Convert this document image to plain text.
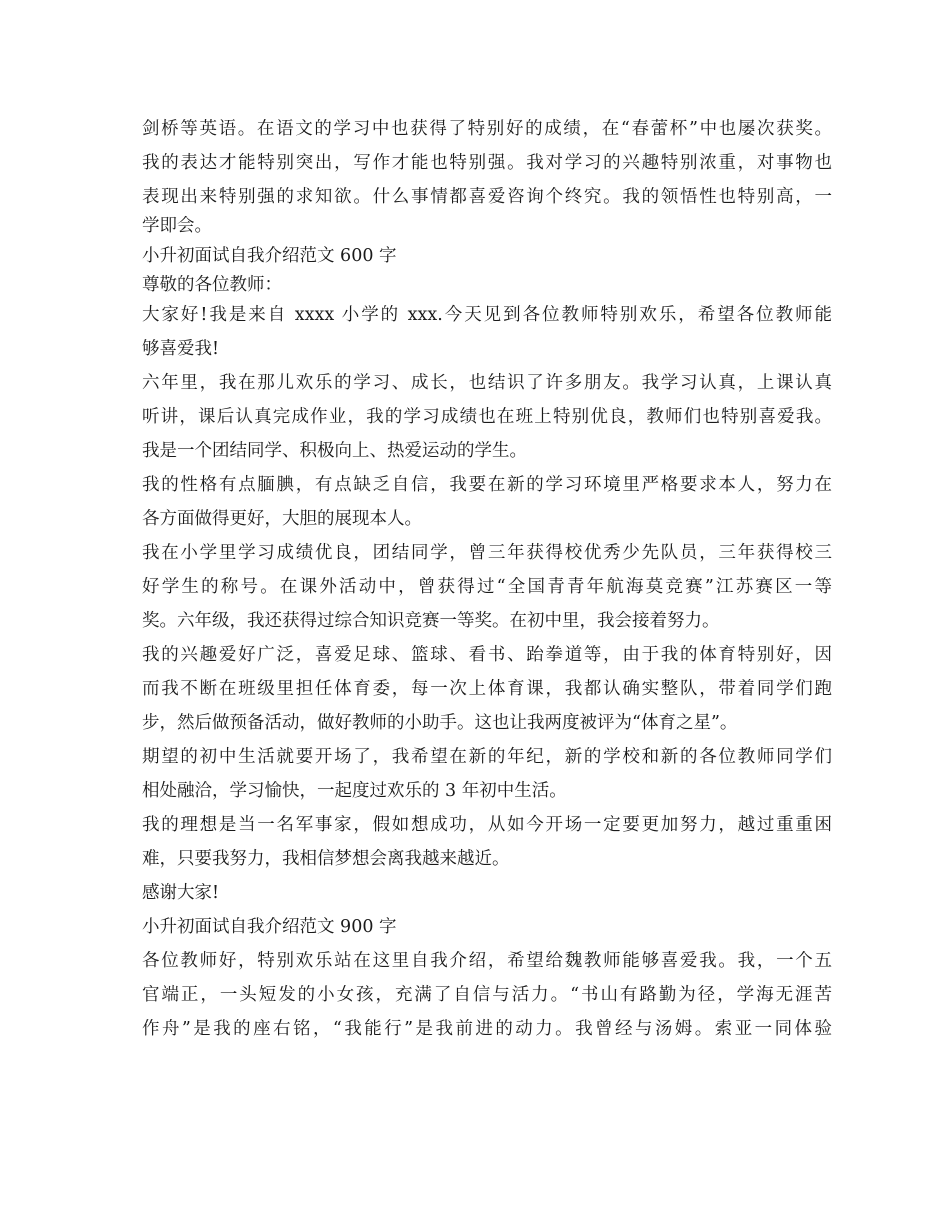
剑桥等英语。在语文的学习中也获得了特别好的成绩，在“春蕾杯”中也屡次获奖。
我的表达才能特别突出，写作才能也特别强。我对学习的兴趣特别浓重，对事物也
表现出来特别强的求知欲。什么事情都喜爱咨询个终究。我的领悟性也特别高，一
学即会。
小升初面试自我介绍范文 600 字
尊敬的各位教师：
大家好!我是来自 xxxx 小学的 xxx.今天见到各位教师特别欢乐，希望各位教师能
够喜爱我!
六年里，我在那儿欢乐的学习、成长，也结识了许多朋友。我学习认真，上课认真
听讲，课后认真完成作业，我的学习成绩也在班上特别优良，教师们也特别喜爱我。
我是一个团结同学、积极向上、热爱运动的学生。
我的性格有点腼腆，有点缺乏自信，我要在新的学习环境里严格要求本人，努力在
各方面做得更好，大胆的展现本人。
我在小学里学习成绩优良，团结同学，曾三年获得校优秀少先队员，三年获得校三
好学生的称号。在课外活动中，曾获得过“全国青青年航海莫竞赛”江苏赛区一等
奖。六年级，我还获得过综合知识竞赛一等奖。在初中里，我会接着努力。
我的兴趣爱好广泛，喜爱足球、篮球、看书、跆拳道等，由于我的体育特别好，因
而我不断在班级里担任体育委，每一次上体育课，我都认确实整队，带着同学们跑
步，然后做预备活动，做好教师的小助手。这也让我两度被评为“体育之星”。
期望的初中生活就要开场了，我希望在新的年纪，新的学校和新的各位教师同学们
相处融洽，学习愉快，一起度过欢乐的 3 年初中生活。
我的理想是当一名军事家，假如想成功，从如今开场一定要更加努力，越过重重困
难，只要我努力，我相信梦想会离我越来越近。
感谢大家!
小升初面试自我介绍范文 900 字
各位教师好，特别欢乐站在这里自我介绍，希望给魏教师能够喜爱我。我，一个五
官端正，一头短发的小女孩，充满了自信与活力。“书山有路勤为径，学海无涯苦
作舟”是我的座右铭，“我能行”是我前进的动力。我曾经与汤姆。索亚一同体验
